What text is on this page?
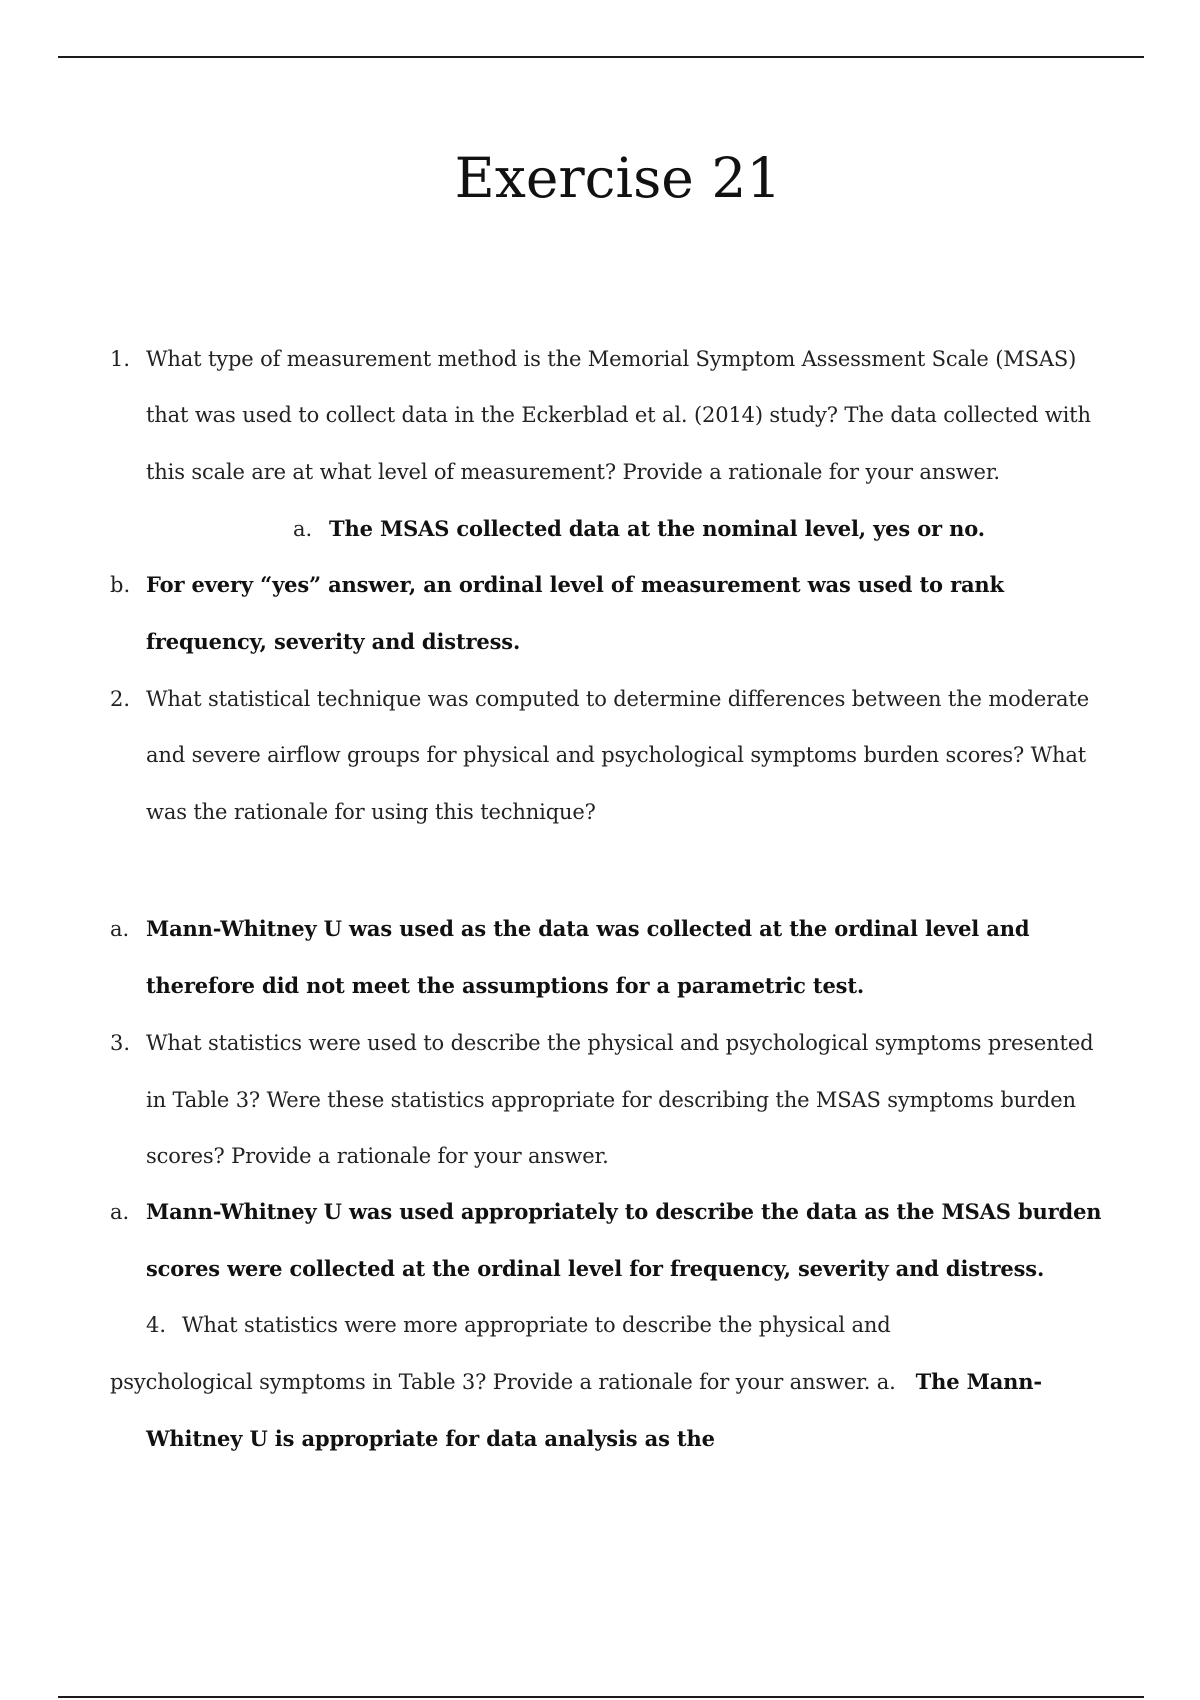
Exercise 21
1. What type of measurement method is the Memorial Symptom Assessment Scale (MSAS)
that was used to collect data in the Eckerblad et al. (2014) study? The data collected with
this scale are at what level of measurement? Provide a rationale for your answer.
a. The MSAS collected data at the nominal level, yes or no.
b. For every “yes” answer, an ordinal level of measurement was used to rank
frequency, severity and distress.
2. What statistical technique was computed to determine differences between the moderate
and severe airflow groups for physical and psychological symptoms burden scores? What
was the rationale for using this technique?
a. Mann-Whitney U was used as the data was collected at the ordinal level and
therefore did not meet the assumptions for a parametric test.
3. What statistics were used to describe the physical and psychological symptoms presented
in Table 3? Were these statistics appropriate for describing the MSAS symptoms burden
scores? Provide a rationale for your answer.
a. Mann-Whitney U was used appropriately to describe the data as the MSAS burden
scores were collected at the ordinal level for frequency, severity and distress.
4. What statistics were more appropriate to describe the physical and
psychological symptoms in Table 3? Provide a rationale for your answer. a. The Mann-
Whitney U is appropriate for data analysis as the
